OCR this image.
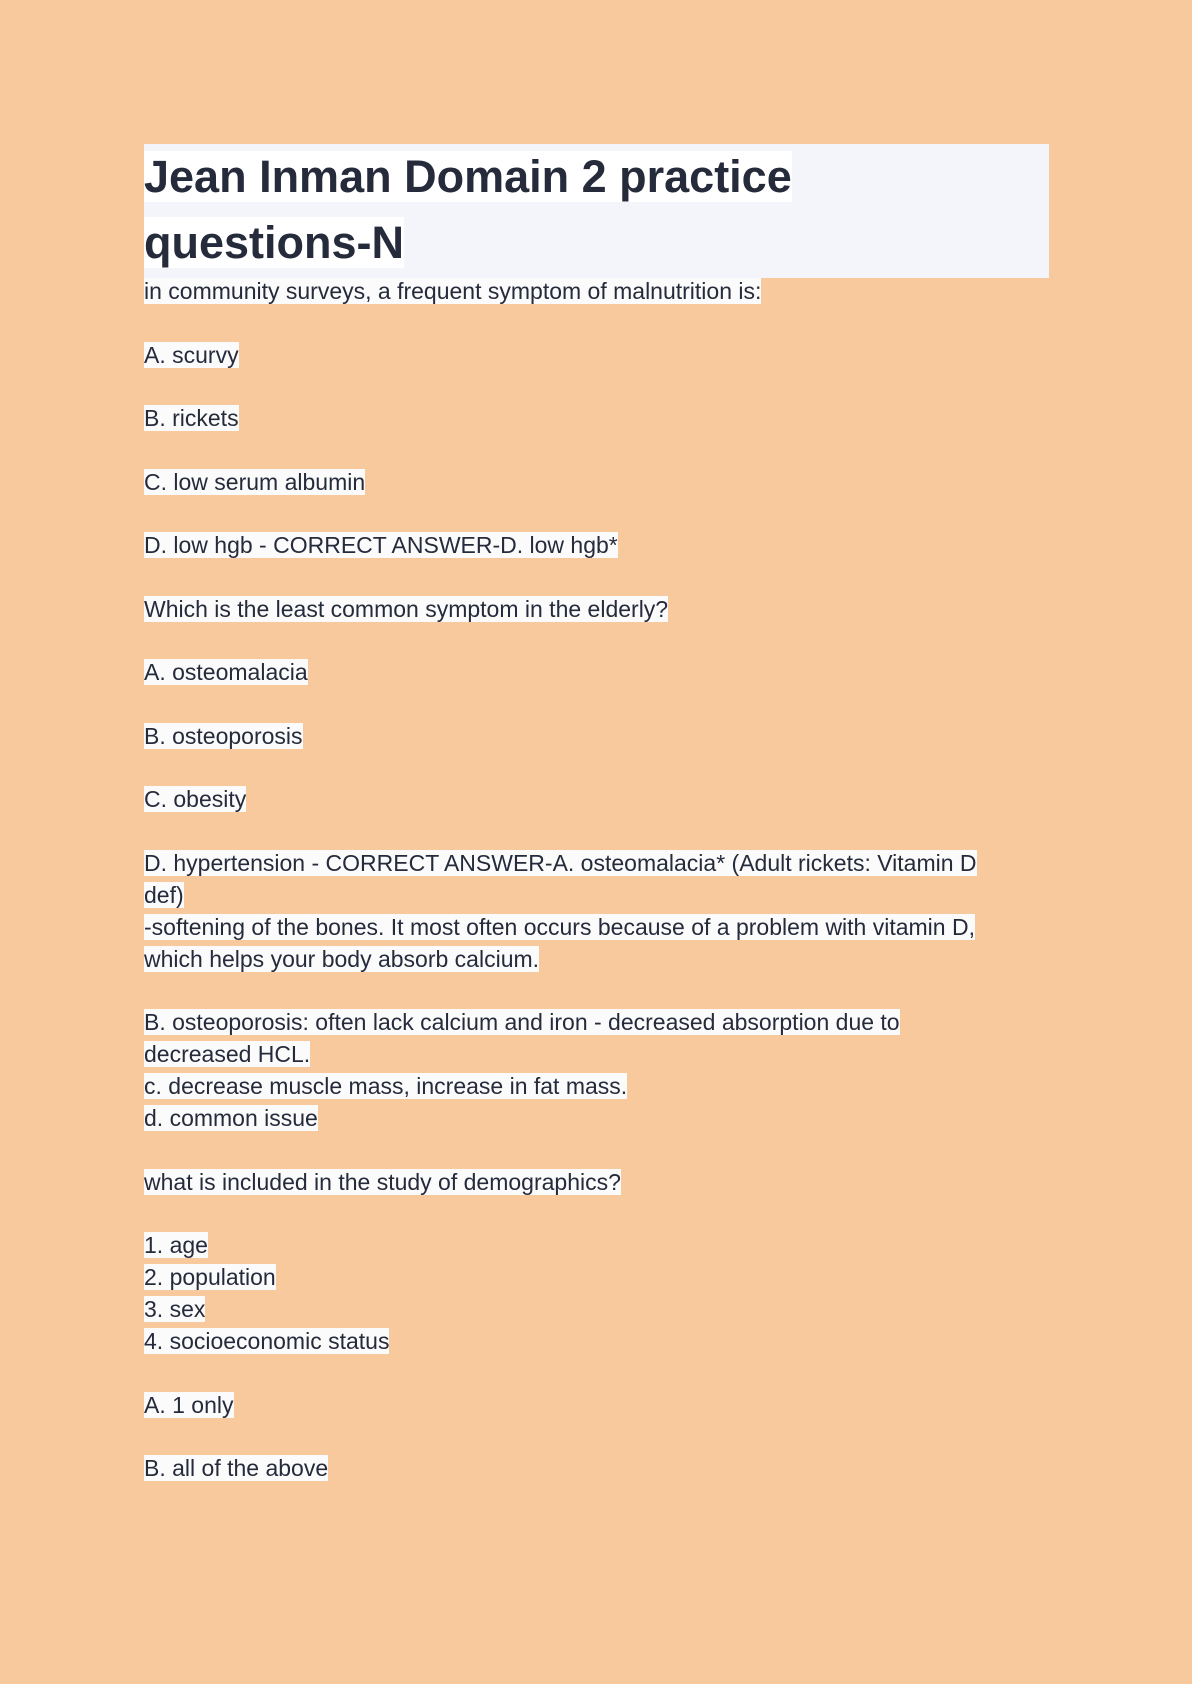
Jean Inman Domain 2 practice
questions-N
in community surveys, a frequent symptom of malnutrition is:
A. scurvy
B. rickets
C. low serum albumin
D. low hgb - CORRECT ANSWER-D. low hgb*
Which is the least common symptom in the elderly?
A. osteomalacia
B. osteoporosis
C. obesity
D. hypertension - CORRECT ANSWER-A. osteomalacia* (Adult rickets: Vitamin D
def)
-softening of the bones. It most often occurs because of a problem with vitamin D,
which helps your body absorb calcium.
B. osteoporosis: often lack calcium and iron - decreased absorption due to
decreased HCL.
c. decrease muscle mass, increase in fat mass.
d. common issue
what is included in the study of demographics?
1. age
2. population
3. sex
4. socioeconomic status
A. 1 only
B. all of the above
